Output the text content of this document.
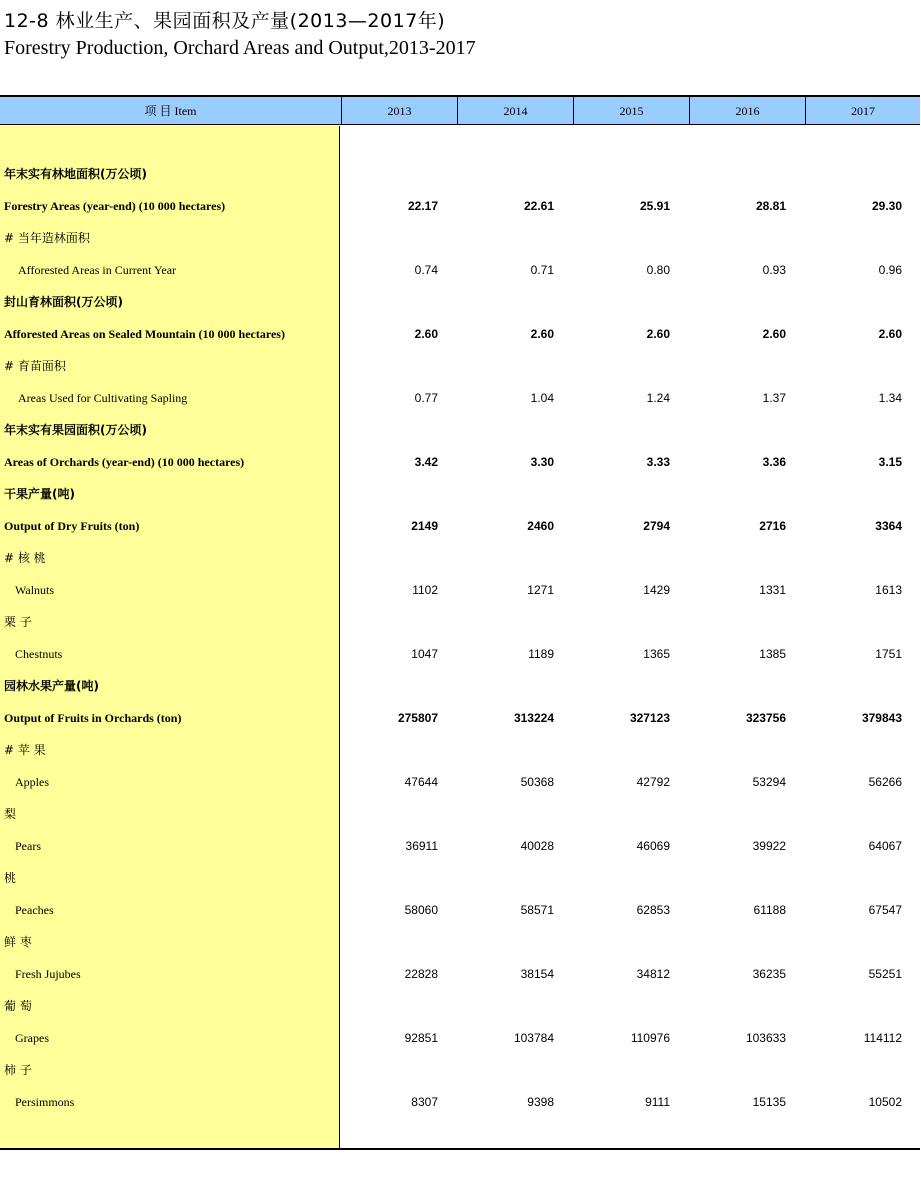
12-8 林业生产、果园面积及产量(2013—2017年)
Forestry Production, Orchard Areas and Output,2013-2017
项 目 Item	2013	2014	2015	2016	2017
年末实有林地面积(万公顷)
Forestry Areas (year-end) (10 000 hectares)	22.17	22.61	25.91	28.81	29.30
# 当年造林面积
Afforested Areas in Current Year	0.74	0.71	0.80	0.93	0.96
封山育林面积(万公顷)
Afforested Areas on Sealed Mountain (10 000 hectares)	2.60	2.60	2.60	2.60	2.60
# 育苗面积
Areas Used for Cultivating Sapling	0.77	1.04	1.24	1.37	1.34
年末实有果园面积(万公顷)
Areas of Orchards (year-end) (10 000 hectares)	3.42	3.30	3.33	3.36	3.15
干果产量(吨)
Output of Dry Fruits (ton)	2149	2460	2794	2716	3364
# 核 桃
Walnuts	1102	1271	1429	1331	1613
栗 子
Chestnuts	1047	1189	1365	1385	1751
园林水果产量(吨)
Output of Fruits in Orchards (ton)	275807	313224	327123	323756	379843
# 苹 果
Apples	47644	50368	42792	53294	56266
梨
Pears	36911	40028	46069	39922	64067
桃
Peaches	58060	58571	62853	61188	67547
鲜 枣
Fresh Jujubes	22828	38154	34812	36235	55251
葡 萄
Grapes	92851	103784	110976	103633	114112
柿 子
Persimmons	8307	9398	9111	15135	10502
